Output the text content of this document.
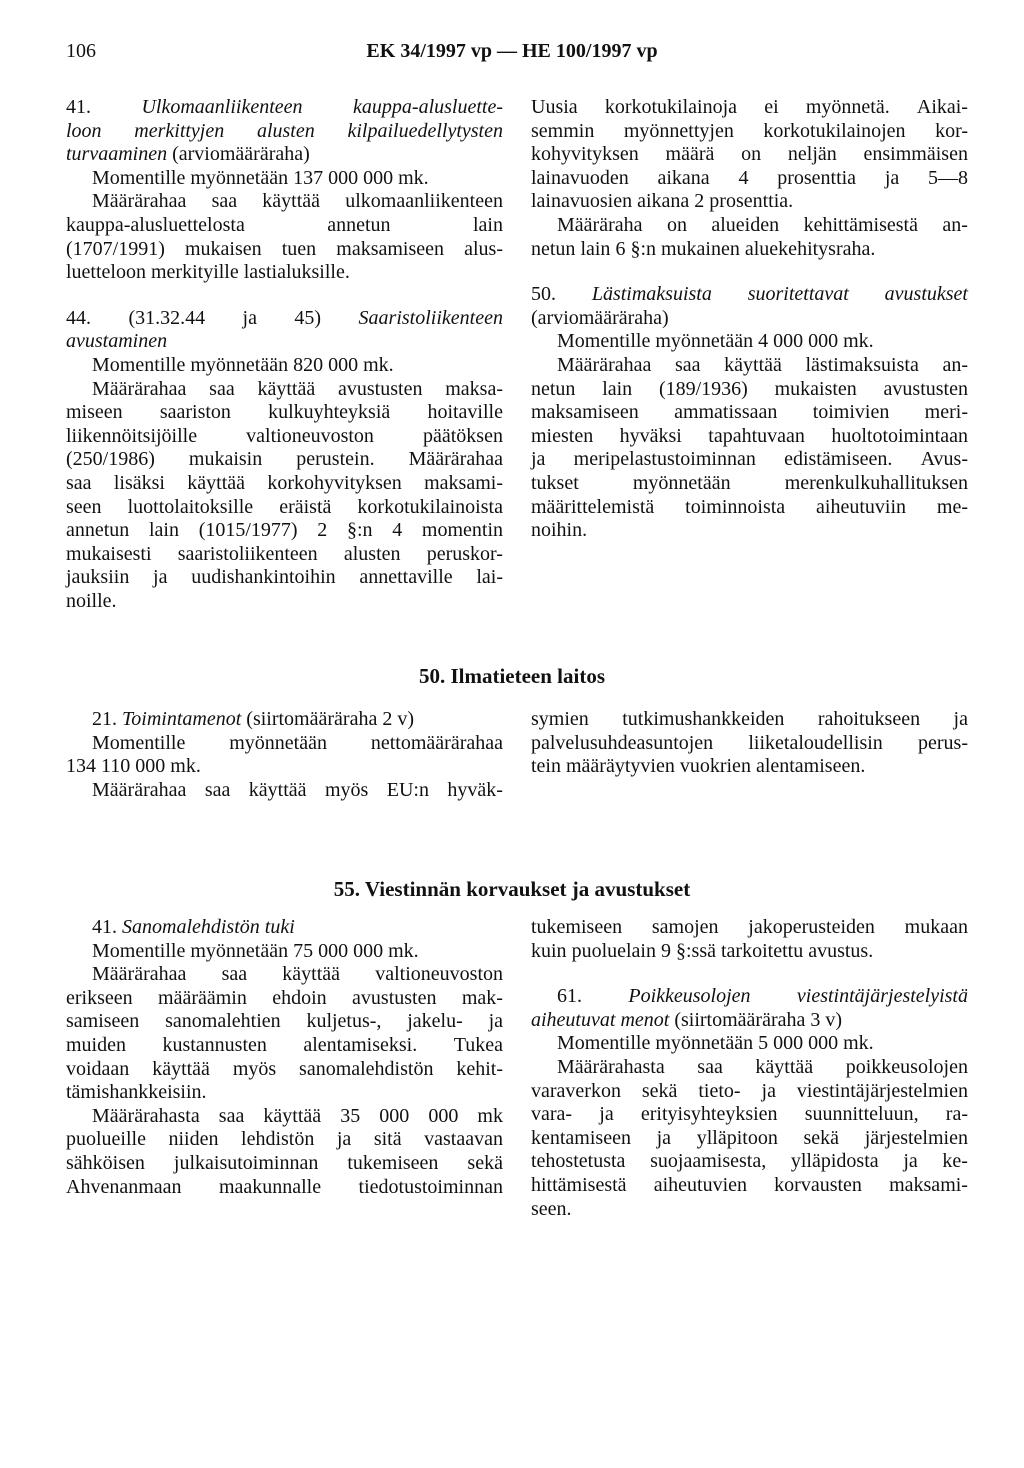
106	EK 34/1997 vp — HE 100/1997 vp
41.	Ulkomaanliikenteen	kauppa-alusluette-
loon merkittyjen alusten kilpailuedellytysten
turvaaminen (arviomääräraha)
Momentille myönnetään 137 000 000 mk.
Määrärahaa saa käyttää ulkomaanliikenteen
kauppa-alusluettelosta	annetun	lain
(1707/1991) mukaisen tuen maksamiseen alus-
luetteloon merkityille lastialuksille.
44. (31.32.44 ja 45) Saaristoliikenteen
avustaminen
Momentille myönnetään 820 000 mk.
Määrärahaa saa käyttää avustusten maksa-
miseen saariston kulkuyhteyksiä hoitaville
liikennöitsijöille valtioneuvoston päätöksen
(250/1986) mukaisin perustein. Määrärahaa
saa lisäksi käyttää korkohyvityksen maksami-
seen luottolaitoksille eräistä korkotukilainoista
annetun lain (1015/1977) 2 §:n 4 momentin
mukaisesti saaristoliikenteen alusten peruskor-
jauksiin ja uudishankintoihin annettaville lai-
noille.
Uusia korkotukilainoja ei myönnetä. Aikai-
semmin myönnettyjen korkotukilainojen kor-
kohyvityksen määrä on neljän ensimmäisen
lainavuoden aikana 4 prosenttia ja 5—8
lainavuosien aikana 2 prosenttia.
Määräraha on alueiden kehittämisestä an-
netun lain 6 §:n mukainen aluekehitysraha.
50. Lästimaksuista suoritettavat avustukset
(arviomääräraha)
Momentille myönnetään 4 000 000 mk.
Määrärahaa saa käyttää lästimaksuista an-
netun lain (189/1936) mukaisten avustusten
maksamiseen ammatissaan toimivien meri-
miesten hyväksi tapahtuvaan huoltotoimintaan
ja meripelastustoiminnan edistämiseen. Avus-
tukset	myönnetään	merenkulkuhallituksen
määrittelemistä toiminnoista aiheutuviin me-
noihin.
50. Ilmatieteen laitos
21. Toimintamenot (siirtomääräraha 2 v)
Momentille myönnetään nettomäärärahaa
134 110 000 mk.
Määrärahaa saa käyttää myös EU:n hyväk-
symien tutkimushankkeiden rahoitukseen ja
palvelusuhdeasuntojen liiketaloudellisin perus-
tein määräytyvien vuokrien alentamiseen.
55. Viestinnän korvaukset ja avustukset
41. Sanomalehdistön tuki
Momentille myönnetään 75 000 000 mk.
Määrärahaa saa käyttää valtioneuvoston
erikseen määräämin ehdoin avustusten mak-
samiseen sanomalehtien kuljetus-, jakelu- ja
muiden kustannusten alentamiseksi. Tukea
voidaan käyttää myös sanomalehdistön kehit-
tämishankkeisiin.
Määrärahasta saa käyttää 35 000 000 mk
puolueille niiden lehdistön ja sitä vastaavan
sähköisen julkaisutoiminnan tukemiseen sekä
Ahvenanmaan maakunnalle tiedotustoiminnan
tukemiseen samojen jakoperusteiden mukaan
kuin puoluelain 9 §:ssä tarkoitettu avustus.
61. Poikkeusolojen viestintäjärjestelyistä
aiheutuvat menot (siirtomääräraha 3 v)
Momentille myönnetään 5 000 000 mk.
Määrärahasta saa käyttää poikkeusolojen
varaverkon sekä tieto- ja viestintäjärjestelmien
vara- ja erityisyhteyksien suunnitteluun, ra-
kentamiseen ja ylläpitoon sekä järjestelmien
tehostetusta suojaamisesta, ylläpidosta ja ke-
hittämisestä aiheutuvien korvausten maksami-
seen.
